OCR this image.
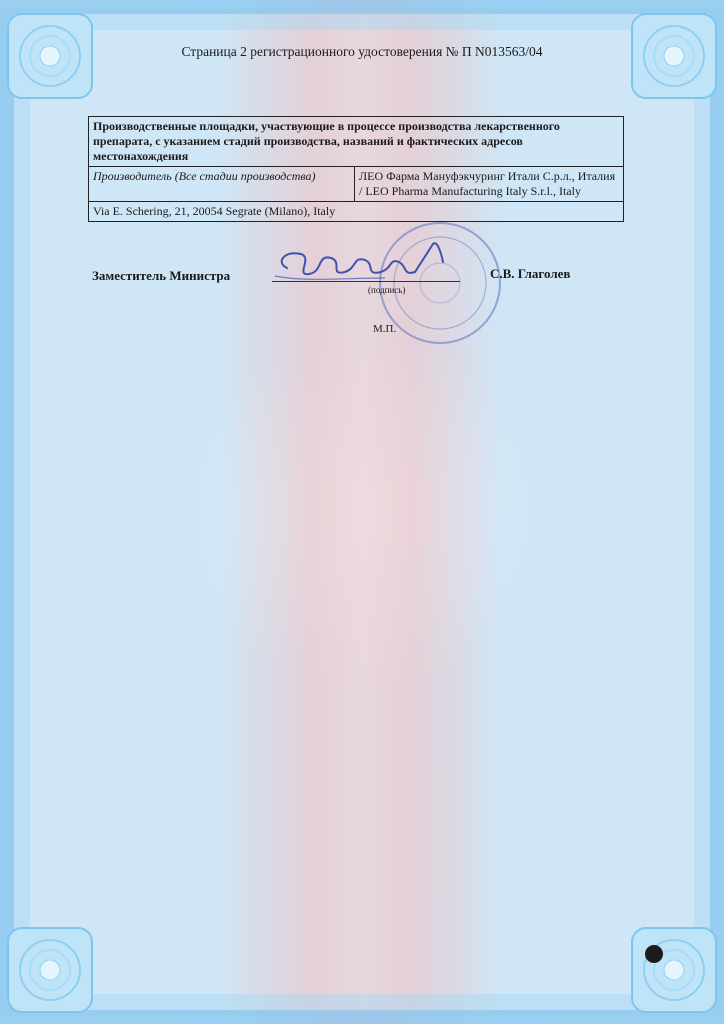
Страница 2 регистрационного удостоверения № П N013563/04
Производственные площадки, участвующие в процессе производства лекарственного препарата, с указанием стадий производства, названий и фактических адресов местонахождения
Производитель (Все стадии производства)	ЛЕО Фарма Мануфэкчуринг Итали С.р.л., Италия / LEO Pharma Manufacturing Italy S.r.l., Italy
Via E. Schering, 21, 20054 Segrate (Milano), Italy
Заместитель Министра
(подпись)
С.В. Глаголев
М.П.
